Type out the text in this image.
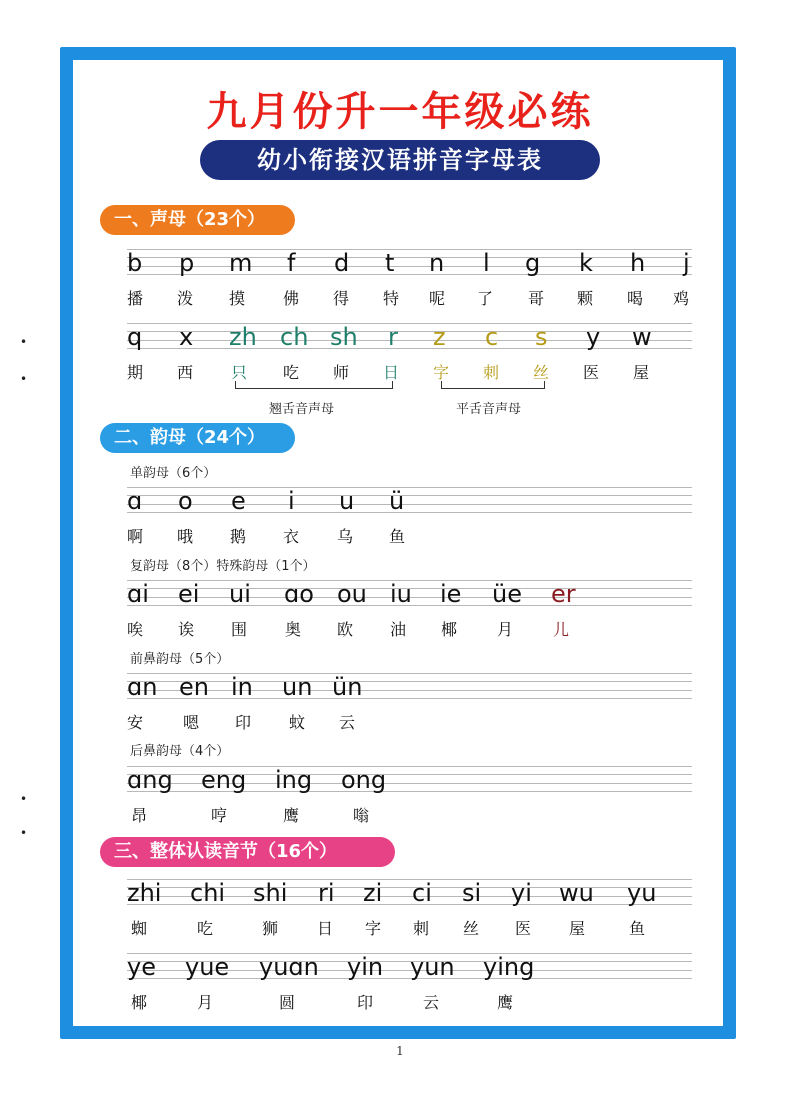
九月份升一年级必练
幼小衔接汉语拼音字母表
一、声母（23个）
b p m f d t n l g k h j
播 泼 摸 佛 得 特 呢 了 哥 颗 喝 鸡
q x zh ch sh r z c s y w
期 西 只 吃 师 日 字 刺 丝 医 屋
翘舌音声母	平舌音声母
二、韵母（24个）
单韵母（6个）
ɑ o e i u ü
啊 哦 鹅 衣 乌 鱼
复韵母（8个）特殊韵母（1个）
ɑi ei ui ɑo ou iu ie üe er
唉 诶 围 奥 欧 油 椰 月 儿
前鼻韵母（5个）
ɑn en in un ün
安 嗯 印 蚊 云
后鼻韵母（4个）
ɑng eng ing ong
昂	哼	鹰	嗡
三、整体认读音节（16个）
zhi chi shi ri zi ci si yi wu yu
蜘	吃	狮 日 字 刺 丝 医 屋	鱼
ye yue yuɑn yin yun ying
椰	月	圆	印	云	鹰
1
•
•
•
•
